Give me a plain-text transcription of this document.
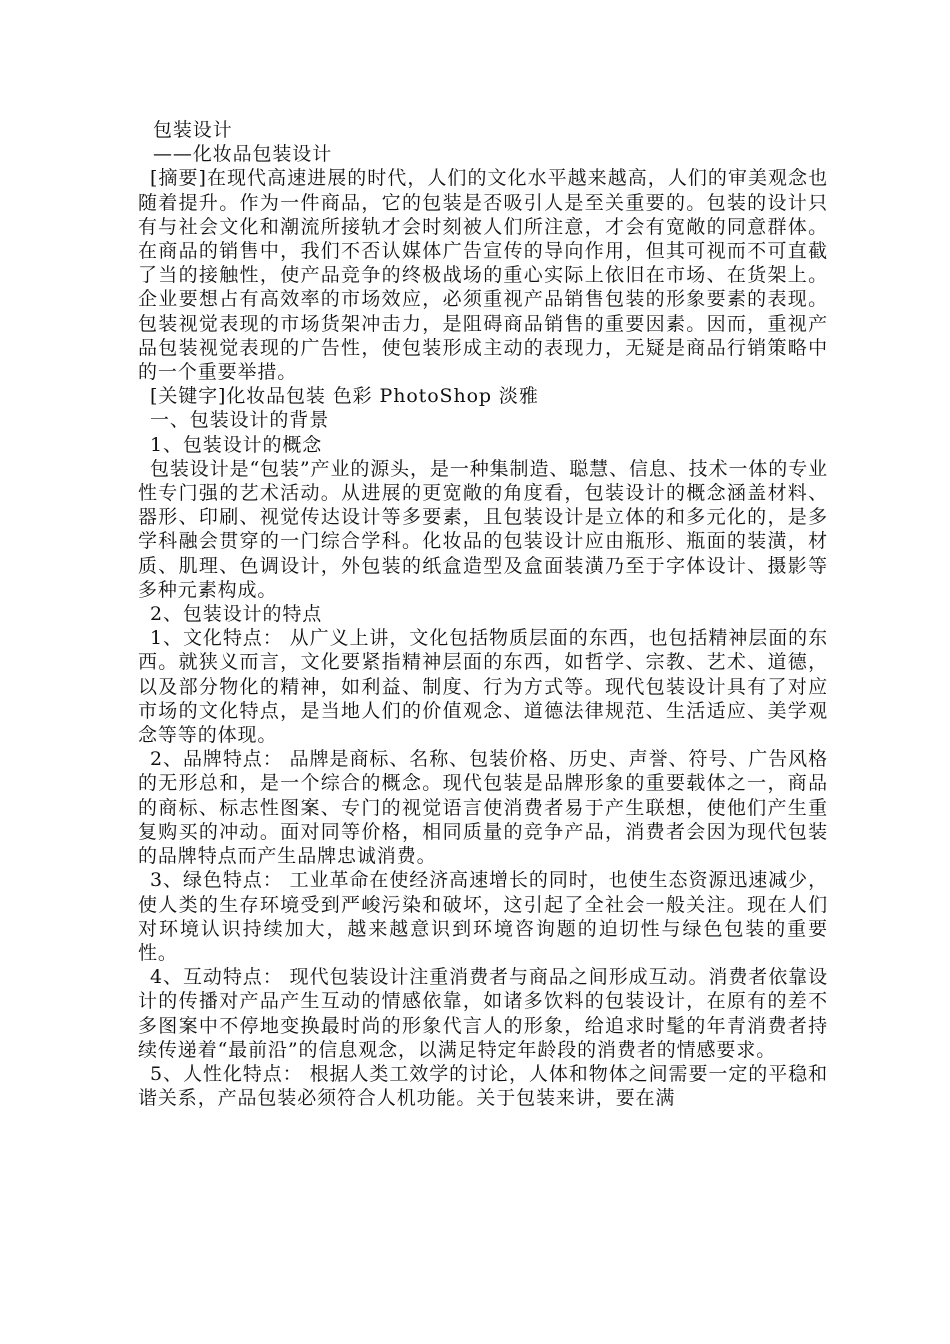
包装设计

——化妆品包装设计

[摘要]在现代高速进展的时代，人们的文化水平越来越高，人们的审美观念也随着提升。作为一件商品，它的包装是否吸引人是至关重要的。包装的设计只有与社会文化和潮流所接轨才会时刻被人们所注意，才会有宽敞的同意群体。在商品的销售中，我们不否认媒体广告宣传的导向作用，但其可视而不可直截了当的接触性，使产品竞争的终极战场的重心实际上依旧在市场、在货架上。企业要想占有高效率的市场效应，必须重视产品销售包装的形象要素的表现。包装视觉表现的市场货架冲击力，是阻碍商品销售的重要因素。因而，重视产品包装视觉表现的广告性，使包装形成主动的表现力，无疑是商品行销策略中的一个重要举措。

[关键字]化妆品包装 色彩 PhotoShop 淡雅

一、包装设计的背景

1、包装设计的概念

包装设计是“包装”产业的源头，是一种集制造、聪慧、信息、技术一体的专业性专门强的艺术活动。从进展的更宽敞的角度看，包装设计的概念涵盖材料、器形、印刷、视觉传达设计等多要素，且包装设计是立体的和多元化的，是多学科融会贯穿的一门综合学科。化妆品的包装设计应由瓶形、瓶面的装潢，材质、肌理、色调设计，外包装的纸盒造型及盒面装潢乃至于字体设计、摄影等多种元素构成。

2、包装设计的特点

1、文化特点： 从广义上讲，文化包括物质层面的东西，也包括精神层面的东西。就狭义而言，文化要紧指精神层面的东西，如哲学、宗教、艺术、道德，以及部分物化的精神，如利益、制度、行为方式等。现代包装设计具有了对应市场的文化特点，是当地人们的价值观念、道德法律规范、生活适应、美学观念等等的体现。

2、品牌特点： 品牌是商标、名称、包装价格、历史、声誉、符号、广告风格的无形总和，是一个综合的概念。现代包装是品牌形象的重要载体之一，商品的商标、标志性图案、专门的视觉语言使消费者易于产生联想，使他们产生重复购买的冲动。面对同等价格，相同质量的竞争产品，消费者会因为现代包装的品牌特点而产生品牌忠诚消费。

3、绿色特点： 工业革命在使经济高速增长的同时，也使生态资源迅速减少，使人类的生存环境受到严峻污染和破坏，这引起了全社会一般关注。现在人们对环境认识持续加大，越来越意识到环境咨询题的迫切性与绿色包装的重要性。

4、互动特点： 现代包装设计注重消费者与商品之间形成互动。消费者依靠设计的传播对产品产生互动的情感依靠，如诸多饮料的包装设计，在原有的差不多图案中不停地变换最时尚的形象代言人的形象，给追求时髦的年青消费者持续传递着“最前沿”的信息观念，以满足特定年龄段的消费者的情感要求。

5、人性化特点： 根据人类工效学的讨论，人体和物体之间需要一定的平稳和谐关系，产品包装必须符合人机功能。关于包装来讲，要在满
